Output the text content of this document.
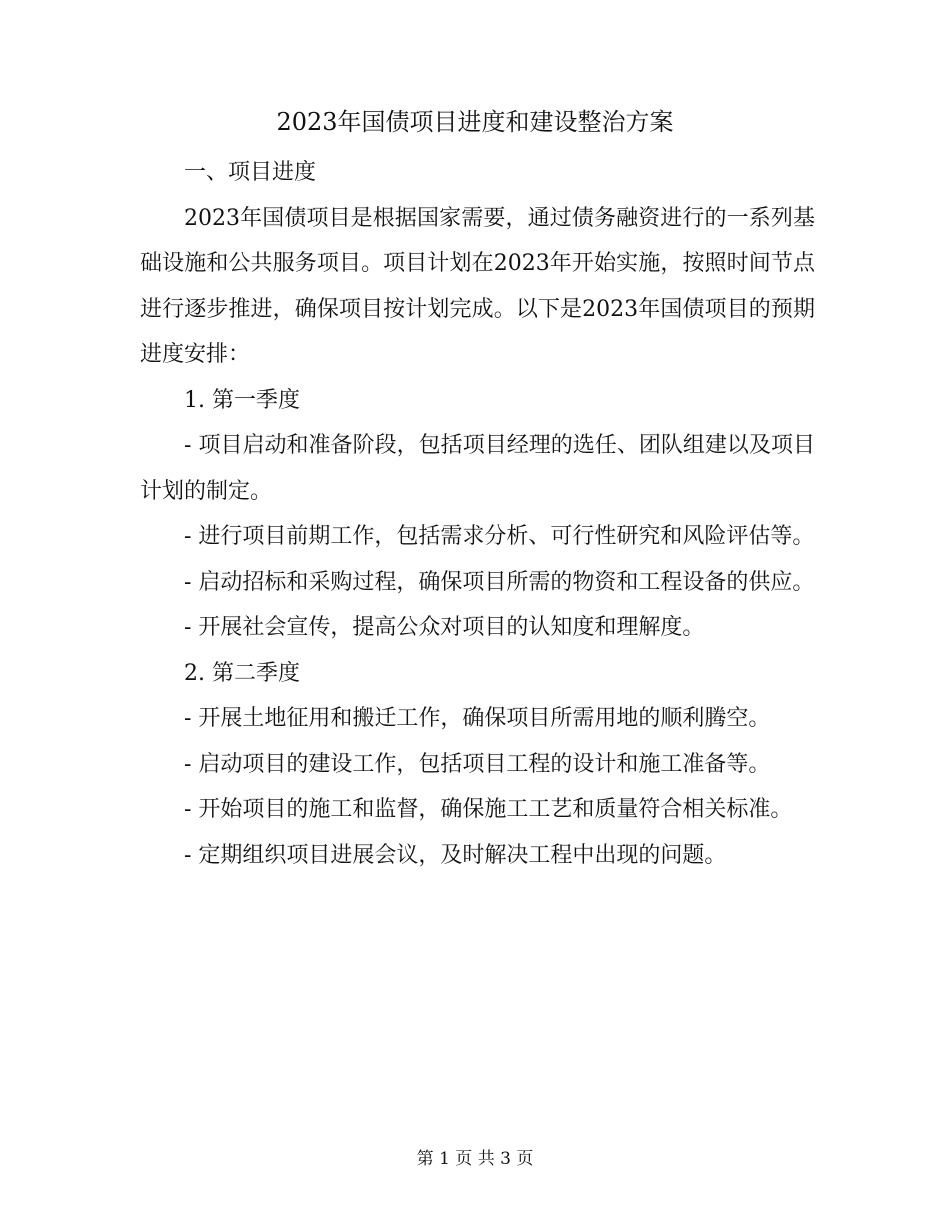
2023年国债项目进度和建设整治方案

一、项目进度

2023年国债项目是根据国家需要，通过债务融资进行的一系列基础设施和公共服务项目。项目计划在2023年开始实施，按照时间节点进行逐步推进，确保项目按计划完成。以下是2023年国债项目的预期进度安排：

1. 第一季度

- 项目启动和准备阶段，包括项目经理的选任、团队组建以及项目计划的制定。

- 进行项目前期工作，包括需求分析、可行性研究和风险评估等。

- 启动招标和采购过程，确保项目所需的物资和工程设备的供应。

- 开展社会宣传，提高公众对项目的认知度和理解度。

2. 第二季度

- 开展土地征用和搬迁工作，确保项目所需用地的顺利腾空。

- 启动项目的建设工作，包括项目工程的设计和施工准备等。

- 开始项目的施工和监督，确保施工工艺和质量符合相关标准。

- 定期组织项目进展会议，及时解决工程中出现的问题。

第 1 页 共 3 页
